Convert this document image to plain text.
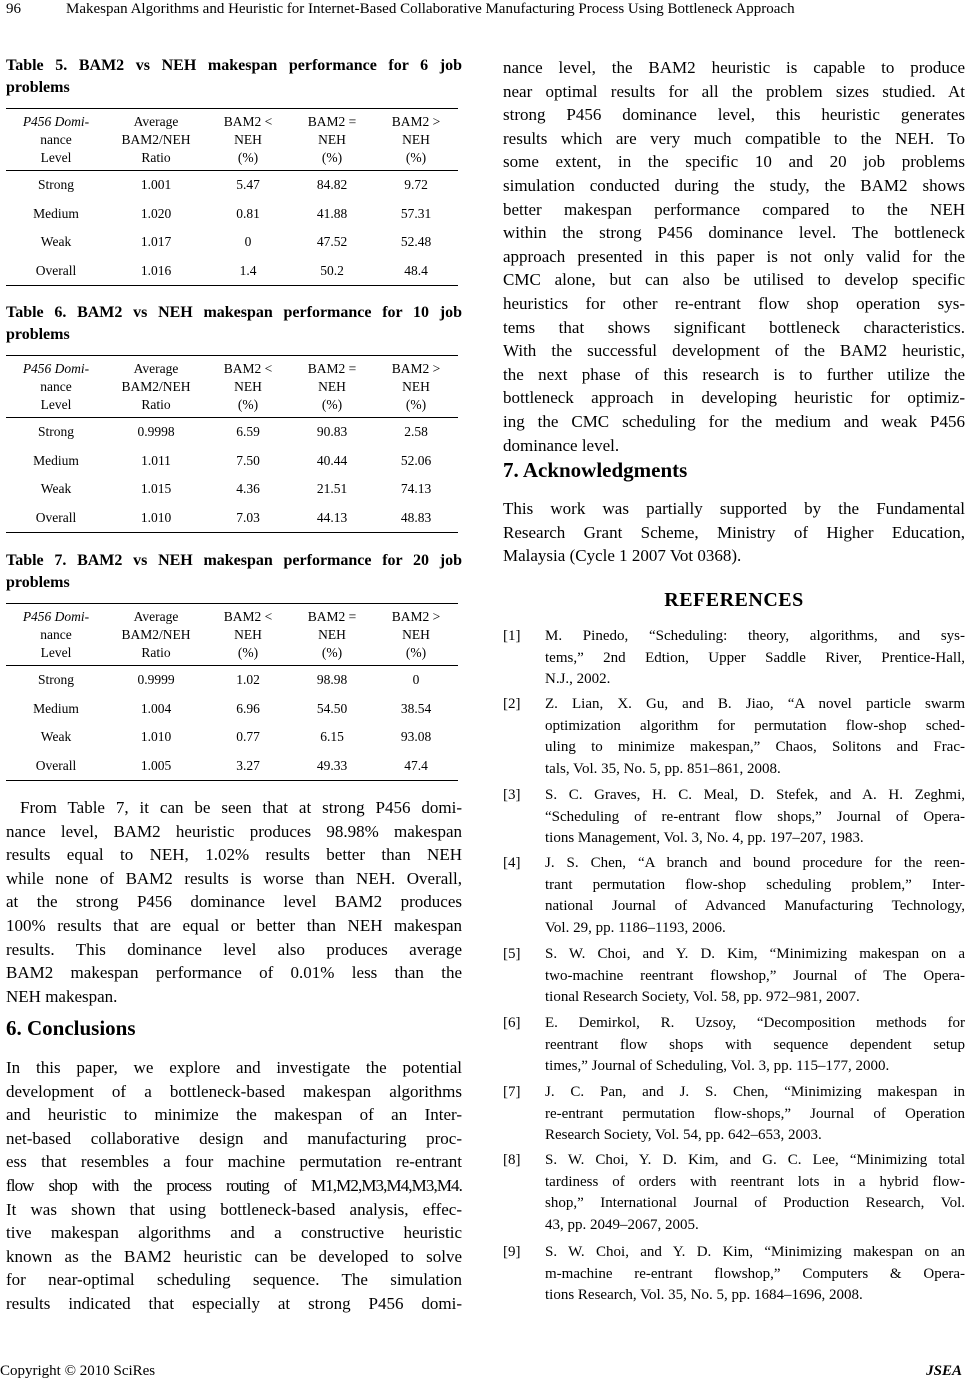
96	Makespan Algorithms and Heuristic for Internet-Based Collaborative Manufacturing Process Using Bottleneck Approach
Table 5. BAM2 vs NEH makespan performance for 6 job
problems
P456 Domi-
nance
Level	Average
BAM2/NEH
Ratio	BAM2 <
NEH
(%)	BAM2 =
NEH
(%)	BAM2 >
NEH
(%)
Strong	1.001	5.47	84.82	9.72
Medium	1.020	0.81	41.88	57.31
Weak	1.017	0	47.52	52.48
Overall	1.016	1.4	50.2	48.4
Table 6. BAM2 vs NEH makespan performance for 10 job
problems
P456 Domi-
nance
Level	Average
BAM2/NEH
Ratio	BAM2 <
NEH
(%)	BAM2 =
NEH
(%)	BAM2 >
NEH
(%)
Strong	0.9998	6.59	90.83	2.58
Medium	1.011	7.50	40.44	52.06
Weak	1.015	4.36	21.51	74.13
Overall	1.010	7.03	44.13	48.83
Table 7. BAM2 vs NEH makespan performance for 20 job
problems
P456 Domi-
nance
Level	Average
BAM2/NEH
Ratio	BAM2 <
NEH
(%)	BAM2 =
NEH
(%)	BAM2 >
NEH
(%)
Strong	0.9999	1.02	98.98	0
Medium	1.004	6.96	54.50	38.54
Weak	1.010	0.77	6.15	93.08
Overall	1.005	3.27	49.33	47.4
From Table 7, it can be seen that at strong P456 domi-
nance level, BAM2 heuristic produces 98.98% makespan
results equal to NEH, 1.02% results better than NEH
while none of BAM2 results is worse than NEH. Overall,
at the strong P456 dominance level BAM2 produces
100% results that are equal or better than NEH makespan
results. This dominance level also produces average
BAM2 makespan performance of 0.01% less than the
NEH makespan.
6. Conclusions
In this paper, we explore and investigate the potential
development of a bottleneck-based makespan algorithms
and heuristic to minimize the makespan of an Inter-
net-based collaborative design and manufacturing proc-
ess that resembles a four machine permutation re-entrant
flow shop with the process routing of M1,M2,M3,M4,M3,M4.
It was shown that using bottleneck-based analysis, effec-
tive makespan algorithms and a constructive heuristic
known as the BAM2 heuristic can be developed to solve
for near-optimal scheduling sequence. The simulation
results indicated that especially at strong P456 domi-
nance level, the BAM2 heuristic is capable to produce
near optimal results for all the problem sizes studied. At
strong P456 dominance level, this heuristic generates
results which are very much compatible to the NEH. To
some extent, in the specific 10 and 20 job problems
simulation conducted during the study, the BAM2 shows
better makespan performance compared to the NEH
within the strong P456 dominance level. The bottleneck
approach presented in this paper is not only valid for the
CMC alone, but can also be utilised to develop specific
heuristics for other re-entrant flow shop operation sys-
tems that shows significant bottleneck characteristics.
With the successful development of the BAM2 heuristic,
the next phase of this research is to further utilize the
bottleneck approach in developing heuristic for optimiz-
ing the CMC scheduling for the medium and weak P456
dominance level.
7. Acknowledgments
This work was partially supported by the Fundamental
Research Grant Scheme, Ministry of Higher Education,
Malaysia (Cycle 1 2007 Vot 0368).
REFERENCES
[1] M. Pinedo, “Scheduling: theory, algorithms, and sys-
tems,” 2nd Edtion, Upper Saddle River, Prentice-Hall,
N.J., 2002.
[2] Z. Lian, X. Gu, and B. Jiao, “A novel particle swarm
optimization algorithm for permutation flow-shop sched-
uling to minimize makespan,” Chaos, Solitons and Frac-
tals, Vol. 35, No. 5, pp. 851–861, 2008.
[3] S. C. Graves, H. C. Meal, D. Stefek, and A. H. Zeghmi,
“Scheduling of re-entrant flow shops,” Journal of Opera-
tions Management, Vol. 3, No. 4, pp. 197–207, 1983.
[4] J. S. Chen, “A branch and bound procedure for the reen-
trant permutation flow-shop scheduling problem,” Inter-
national Journal of Advanced Manufacturing Technology,
Vol. 29, pp. 1186–1193, 2006.
[5] S. W. Choi, and Y. D. Kim, “Minimizing makespan on a
two-machine reentrant flowshop,” Journal of The Opera-
tional Research Society, Vol. 58, pp. 972–981, 2007.
[6] E. Demirkol, R. Uzsoy, “Decomposition methods for
reentrant flow shops with sequence dependent setup
times,” Journal of Scheduling, Vol. 3, pp. 115–177, 2000.
[7] J. C. Pan, and J. S. Chen, “Minimizing makespan in
re-entrant permutation flow-shops,” Journal of Operation
Research Society, Vol. 54, pp. 642–653, 2003.
[8] S. W. Choi, Y. D. Kim, and G. C. Lee, “Minimizing total
tardiness of orders with reentrant lots in a hybrid flow-
shop,” International Journal of Production Research, Vol.
43, pp. 2049–2067, 2005.
[9] S. W. Choi, and Y. D. Kim, “Minimizing makespan on an
m-machine re-entrant flowshop,” Computers & Opera-
tions Research, Vol. 35, No. 5, pp. 1684–1696, 2008.
Copyright © 2010 SciRes	JSEA
